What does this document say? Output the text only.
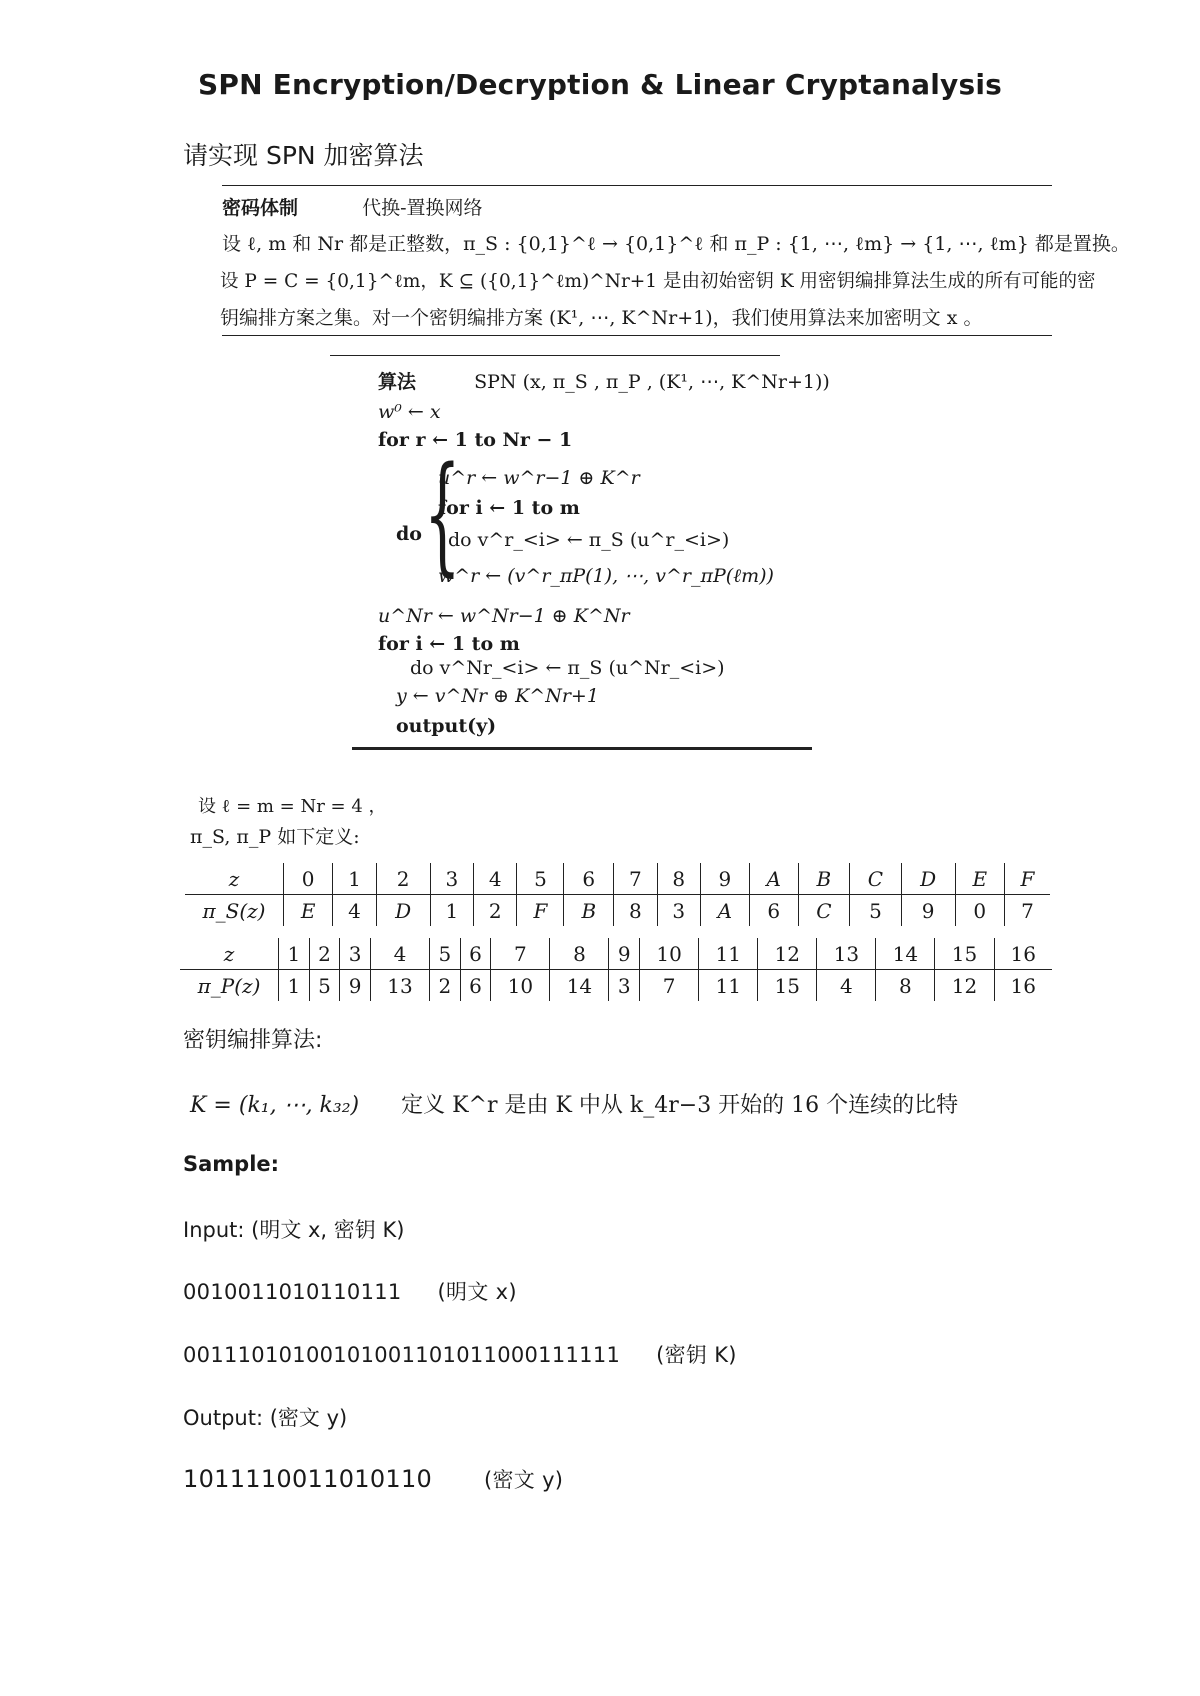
SPN Encryption/Decryption & Linear Cryptanalysis
请实现 SPN 加密算法
密码体制	代换-置换网络
设 ℓ, m 和 Nr 都是正整数，π_S : {0,1}^ℓ → {0,1}^ℓ 和 π_P : {1, ⋯, ℓm} → {1, ⋯, ℓm} 都是置换。
设 P = C = {0,1}^ℓm，K ⊆ ({0,1}^ℓm)^Nr+1 是由初始密钥 K 用密钥编排算法生成的所有可能的密
钥编排方案之集。对一个密钥编排方案 (K¹, ⋯, K^Nr+1)，我们使用算法来加密明文 x 。
算法	SPN (x, π_S , π_P , (K¹, ⋯, K^Nr+1))
w⁰ ← x
for r ← 1 to Nr − 1
do {
u^r ← w^r−1 ⊕ K^r
for i ← 1 to m
do v^r_<i> ← π_S (u^r_<i>)
w^r ← (v^r_πP(1), ⋯, v^r_πP(ℓm))
u^Nr ← w^Nr−1 ⊕ K^Nr
for i ← 1 to m
do v^Nr_<i> ← π_S (u^Nr_<i>)
y ← v^Nr ⊕ K^Nr+1
output(y)
设 ℓ = m = Nr = 4 ，
π_S, π_P 如下定义:
z	0	1	2	3	4	5	6	7	8	9	A	B	C	D	E	F
π_S(z)	E	4	D	1	2	F	B	8	3	A	6	C	5	9	0	7
z	1	2	3	4	5	6	7	8	9	10	11	12	13	14	15	16
π_P(z)	1	5	9	13	2	6	10	14	3	7	11	15	4	8	12	16
密钥编排算法:
K = (k₁, ⋯, k₃₂) 定义 K^r 是由 K 中从 k_4r−3 开始的 16 个连续的比特
Sample:
Input: (明文 x, 密钥 K)
0010011010110111 (明文 x)
00111010100101001101011000111111 (密钥 K)
Output: (密文 y)
1011110011010110 (密文 y)
